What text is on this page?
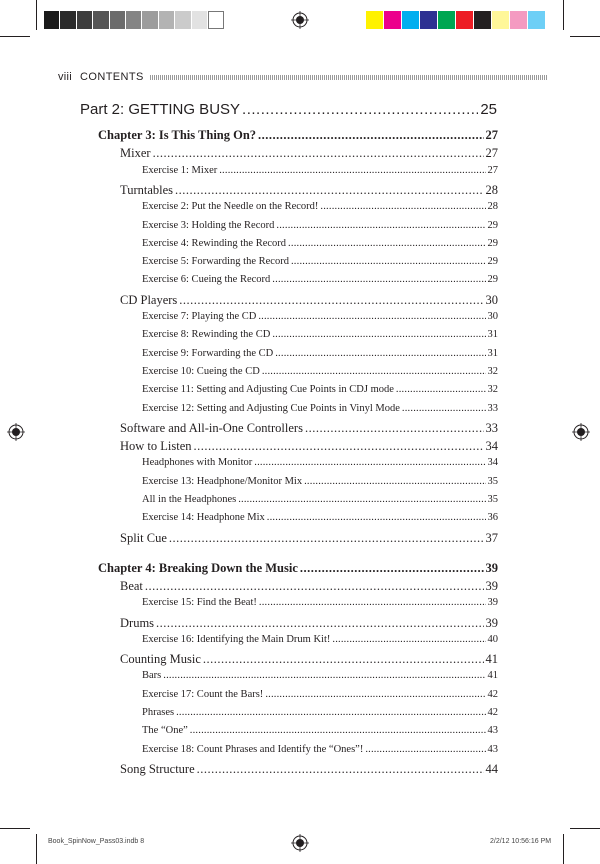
viii CONTENTS
Part 2: GETTING BUSY .....	25
Chapter 3: Is This Thing On? .....	27
Mixer .....	27
Exercise 1: Mixer .....	27
Turntables .....	28
Exercise 2: Put the Needle on the Record! .....	28
Exercise 3: Holding the Record .....	29
Exercise 4: Rewinding the Record .....	29
Exercise 5: Forwarding the Record .....	29
Exercise 6: Cueing the Record .....	29
CD Players .....	30
Exercise 7: Playing the CD .....	30
Exercise 8: Rewinding the CD .....	31
Exercise 9: Forwarding the CD .....	31
Exercise 10: Cueing the CD .....	32
Exercise 11: Setting and Adjusting Cue Points in CDJ mode .....	32
Exercise 12: Setting and Adjusting Cue Points in Vinyl Mode .....	33
Software and All-in-One Controllers .....	33
How to Listen .....	34
Headphones with Monitor .....	34
Exercise 13: Headphone/Monitor Mix .....	35
All in the Headphones .....	35
Exercise 14: Headphone Mix .....	36
Split Cue .....	37
Chapter 4: Breaking Down the Music .....	39
Beat .....	39
Exercise 15: Find the Beat! .....	39
Drums .....	39
Exercise 16: Identifying the Main Drum Kit! .....	40
Counting Music .....	41
Bars .....	41
Exercise 17: Count the Bars! .....	42
Phrases .....	42
The “One” .....	43
Exercise 18: Count Phrases and Identify the “Ones”! .....	43
Song Structure .....	44
Book_SpinNow_Pass03.indb 8	2/2/12 10:56:16 PM
